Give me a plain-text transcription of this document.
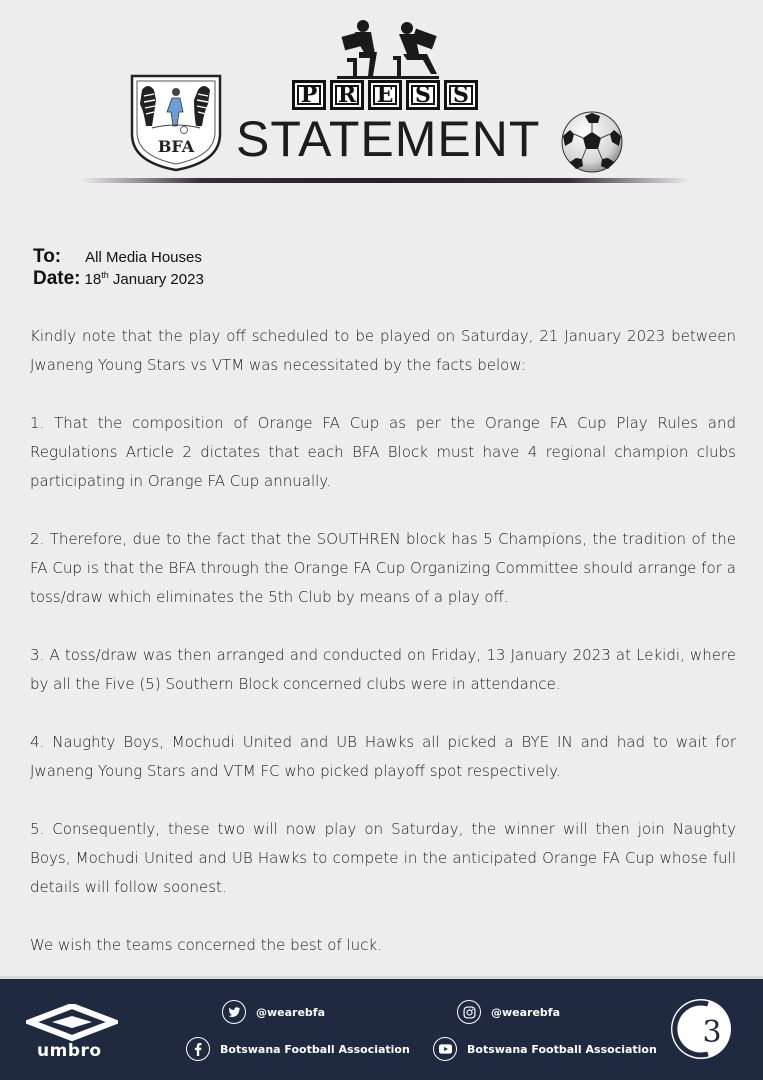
BFA
P R E S	S
STATEMENT
To: All Media Houses
Date: 18th January 2023

Kindly note that the play off scheduled to be played on Saturday, 21 January 2023 between Jwaneng Young Stars vs VTM was necessitated by the facts below:

1. That the composition of Orange FA Cup as per the Orange FA Cup Play Rules and Regulations Article 2 dictates that each BFA Block must have 4 regional champion clubs participating in Orange FA Cup annually.

2. Therefore, due to the fact that the SOUTHREN block has 5 Champions, the tradition of the FA Cup is that the BFA through the Orange FA Cup Organizing Committee should arrange for a toss/draw which eliminates the 5th Club by means of a play off.

3. A toss/draw was then arranged and conducted on Friday, 13 January 2023 at Lekidi, where by all the Five (5) Southern Block concerned clubs were in attendance.

4. Naughty Boys, Mochudi United and UB Hawks all picked a BYE IN and had to wait for Jwaneng Young Stars and VTM FC who picked playoff spot respectively.

5. Consequently, these two will now play on Saturday, the winner will then join Naughty Boys, Mochudi United and UB Hawks to compete in the anticipated Orange FA Cup whose full details will follow soonest.

We wish the teams concerned the best of luck.

umbro
@wearebfa	@wearebfa
Botswana Football Association	Botswana Football Association 3
